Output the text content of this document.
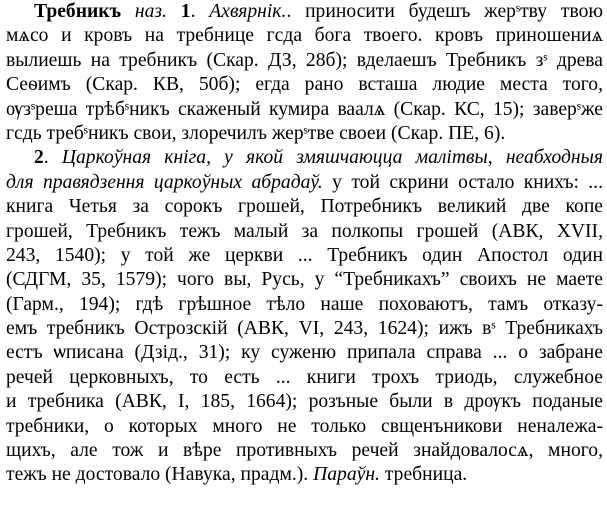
Требникъ наз. 1. Ахвярнік.. приносити будешъ жерˢтву твою
мѧсо и кровъ на требнице гсда бога твоего. кровъ приношениѧ
вылиешь на требникъ (Скар. ДЗ, 28б); вделаешъ Требникъ зˢ древа
Сеѳимъ (Скар. КВ, 50б); егда рано всташа людие места того,
ѹзˢреша трѣбˢникъ скаженый кумира ваалѧ (Скар. КС, 15); заверˢже
гсдь требˢникъ свои, злоречилъ жерˢтве своеи (Скар. ПЕ, 6).
2. Царкоўная кніга, у якой змяшчаюцца малітвы, неабходныя
для правядзення царкоўных абрадаў. у той скрини остало книхъ: ...
книга Четья за сорокъ грошей, Потребникъ великий две копе
грошей, Требникъ тежъ малый за полкопы грошей (АВК, XVII,
243, 1540); у той же церкви ... Требникъ один Апостол один
(СДГМ, 35, 1579); чого вы, Русь, у “Требникахъ” своихъ не маете
(Гарм., 194); гдѣ грѣшное тѣло наше поховаютъ, тамъ отказу-
емъ требникъ Острозскій (АВК, VI, 243, 1624); ижъ вˢ Требникахъ
естъ ѡписана (Дзід., 31); ку суженю припала справа ... о забране
речей церковныхъ, то есть ... книги трохъ триодь, служебное
и требника (АВК, I, 185, 1664); розъные были в дрѹкъ поданые
требники, о которых много не только свщенъникови неналежа-
щихъ, але тож и вѣре противныхъ речей знайдовалосѧ, много,
тежъ не достовало (Навука, прадм.). Параўн. требница.
